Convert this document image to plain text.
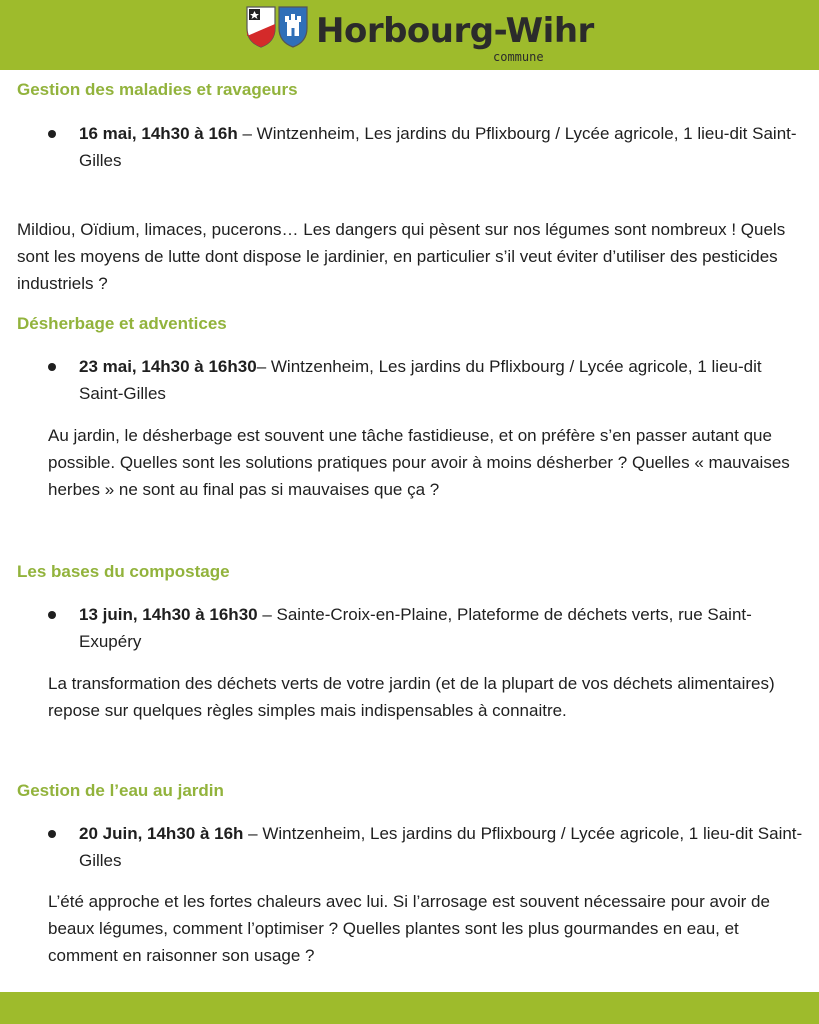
Horbourg-Wihr
commune
Gestion des maladies et ravageurs
16 mai, 14h30 à 16h – Wintzenheim, Les jardins du Pflixbourg / Lycée agricole, 1 lieu-dit Saint-Gilles
Mildiou, Oïdium, limaces, pucerons… Les dangers qui pèsent sur nos légumes sont nombreux ! Quels sont les moyens de lutte dont dispose le jardinier, en particulier s’il veut éviter d’utiliser des pesticides industriels ?
Désherbage et adventices
23 mai, 14h30 à 16h30– Wintzenheim, Les jardins du Pflixbourg / Lycée agricole, 1 lieu-dit Saint-Gilles
Au jardin, le désherbage est souvent une tâche fastidieuse, et on préfère s’en passer autant que possible. Quelles sont les solutions pratiques pour avoir à moins désherber ? Quelles « mauvaises herbes » ne sont au final pas si mauvaises que ça ?
Les bases du compostage
13 juin, 14h30 à 16h30 – Sainte-Croix-en-Plaine, Plateforme de déchets verts, rue Saint-Exupéry
La transformation des déchets verts de votre jardin (et de la plupart de vos déchets alimentaires) repose sur quelques règles simples mais indispensables à connaitre.
Gestion de l’eau au jardin
20 Juin, 14h30 à 16h – Wintzenheim, Les jardins du Pflixbourg / Lycée agricole, 1 lieu-dit Saint-Gilles
L’été approche et les fortes chaleurs avec lui. Si l’arrosage est souvent nécessaire pour avoir de beaux légumes, comment l’optimiser ? Quelles plantes sont les plus gourmandes en eau, et comment en raisonner son usage ?
